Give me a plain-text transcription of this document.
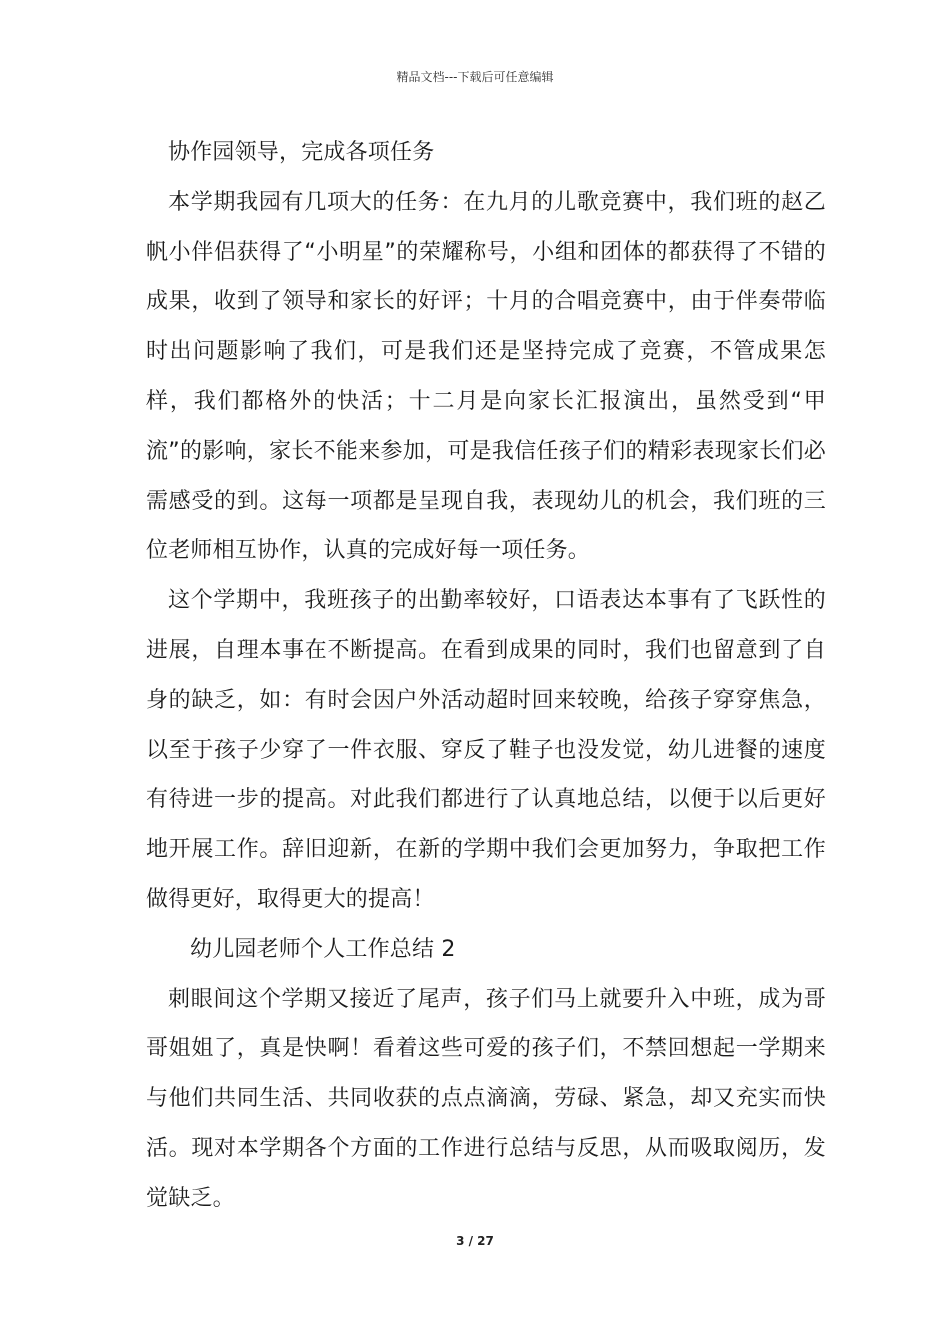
精品文档---下载后可任意编辑

协作园领导，完成各项任务

本学期我园有几项大的任务：在九月的儿歌竞赛中，我们班的赵乙帆小伴侣获得了“小明星”的荣耀称号，小组和团体的都获得了不错的成果，收到了领导和家长的好评；十月的合唱竞赛中，由于伴奏带临时出问题影响了我们，可是我们还是坚持完成了竞赛，不管成果怎样，我们都格外的快活；十二月是向家长汇报演出，虽然受到“甲流”的影响，家长不能来参加，可是我信任孩子们的精彩表现家长们必需感受的到。这每一项都是呈现自我，表现幼儿的机会，我们班的三位老师相互协作，认真的完成好每一项任务。

这个学期中，我班孩子的出勤率较好，口语表达本事有了飞跃性的进展，自理本事在不断提高。在看到成果的同时，我们也留意到了自身的缺乏，如：有时会因户外活动超时回来较晚，给孩子穿穿焦急，以至于孩子少穿了一件衣服、穿反了鞋子也没发觉，幼儿进餐的速度有待进一步的提高。对此我们都进行了认真地总结，以便于以后更好地开展工作。辞旧迎新，在新的学期中我们会更加努力，争取把工作做得更好，取得更大的提高！

幼儿园老师个人工作总结 2

刺眼间这个学期又接近了尾声，孩子们马上就要升入中班，成为哥哥姐姐了，真是快啊！看着这些可爱的孩子们，不禁回想起一学期来与他们共同生活、共同收获的点点滴滴，劳碌、紧急，却又充实而快活。现对本学期各个方面的工作进行总结与反思，从而吸取阅历，发觉缺乏。

3 / 27
